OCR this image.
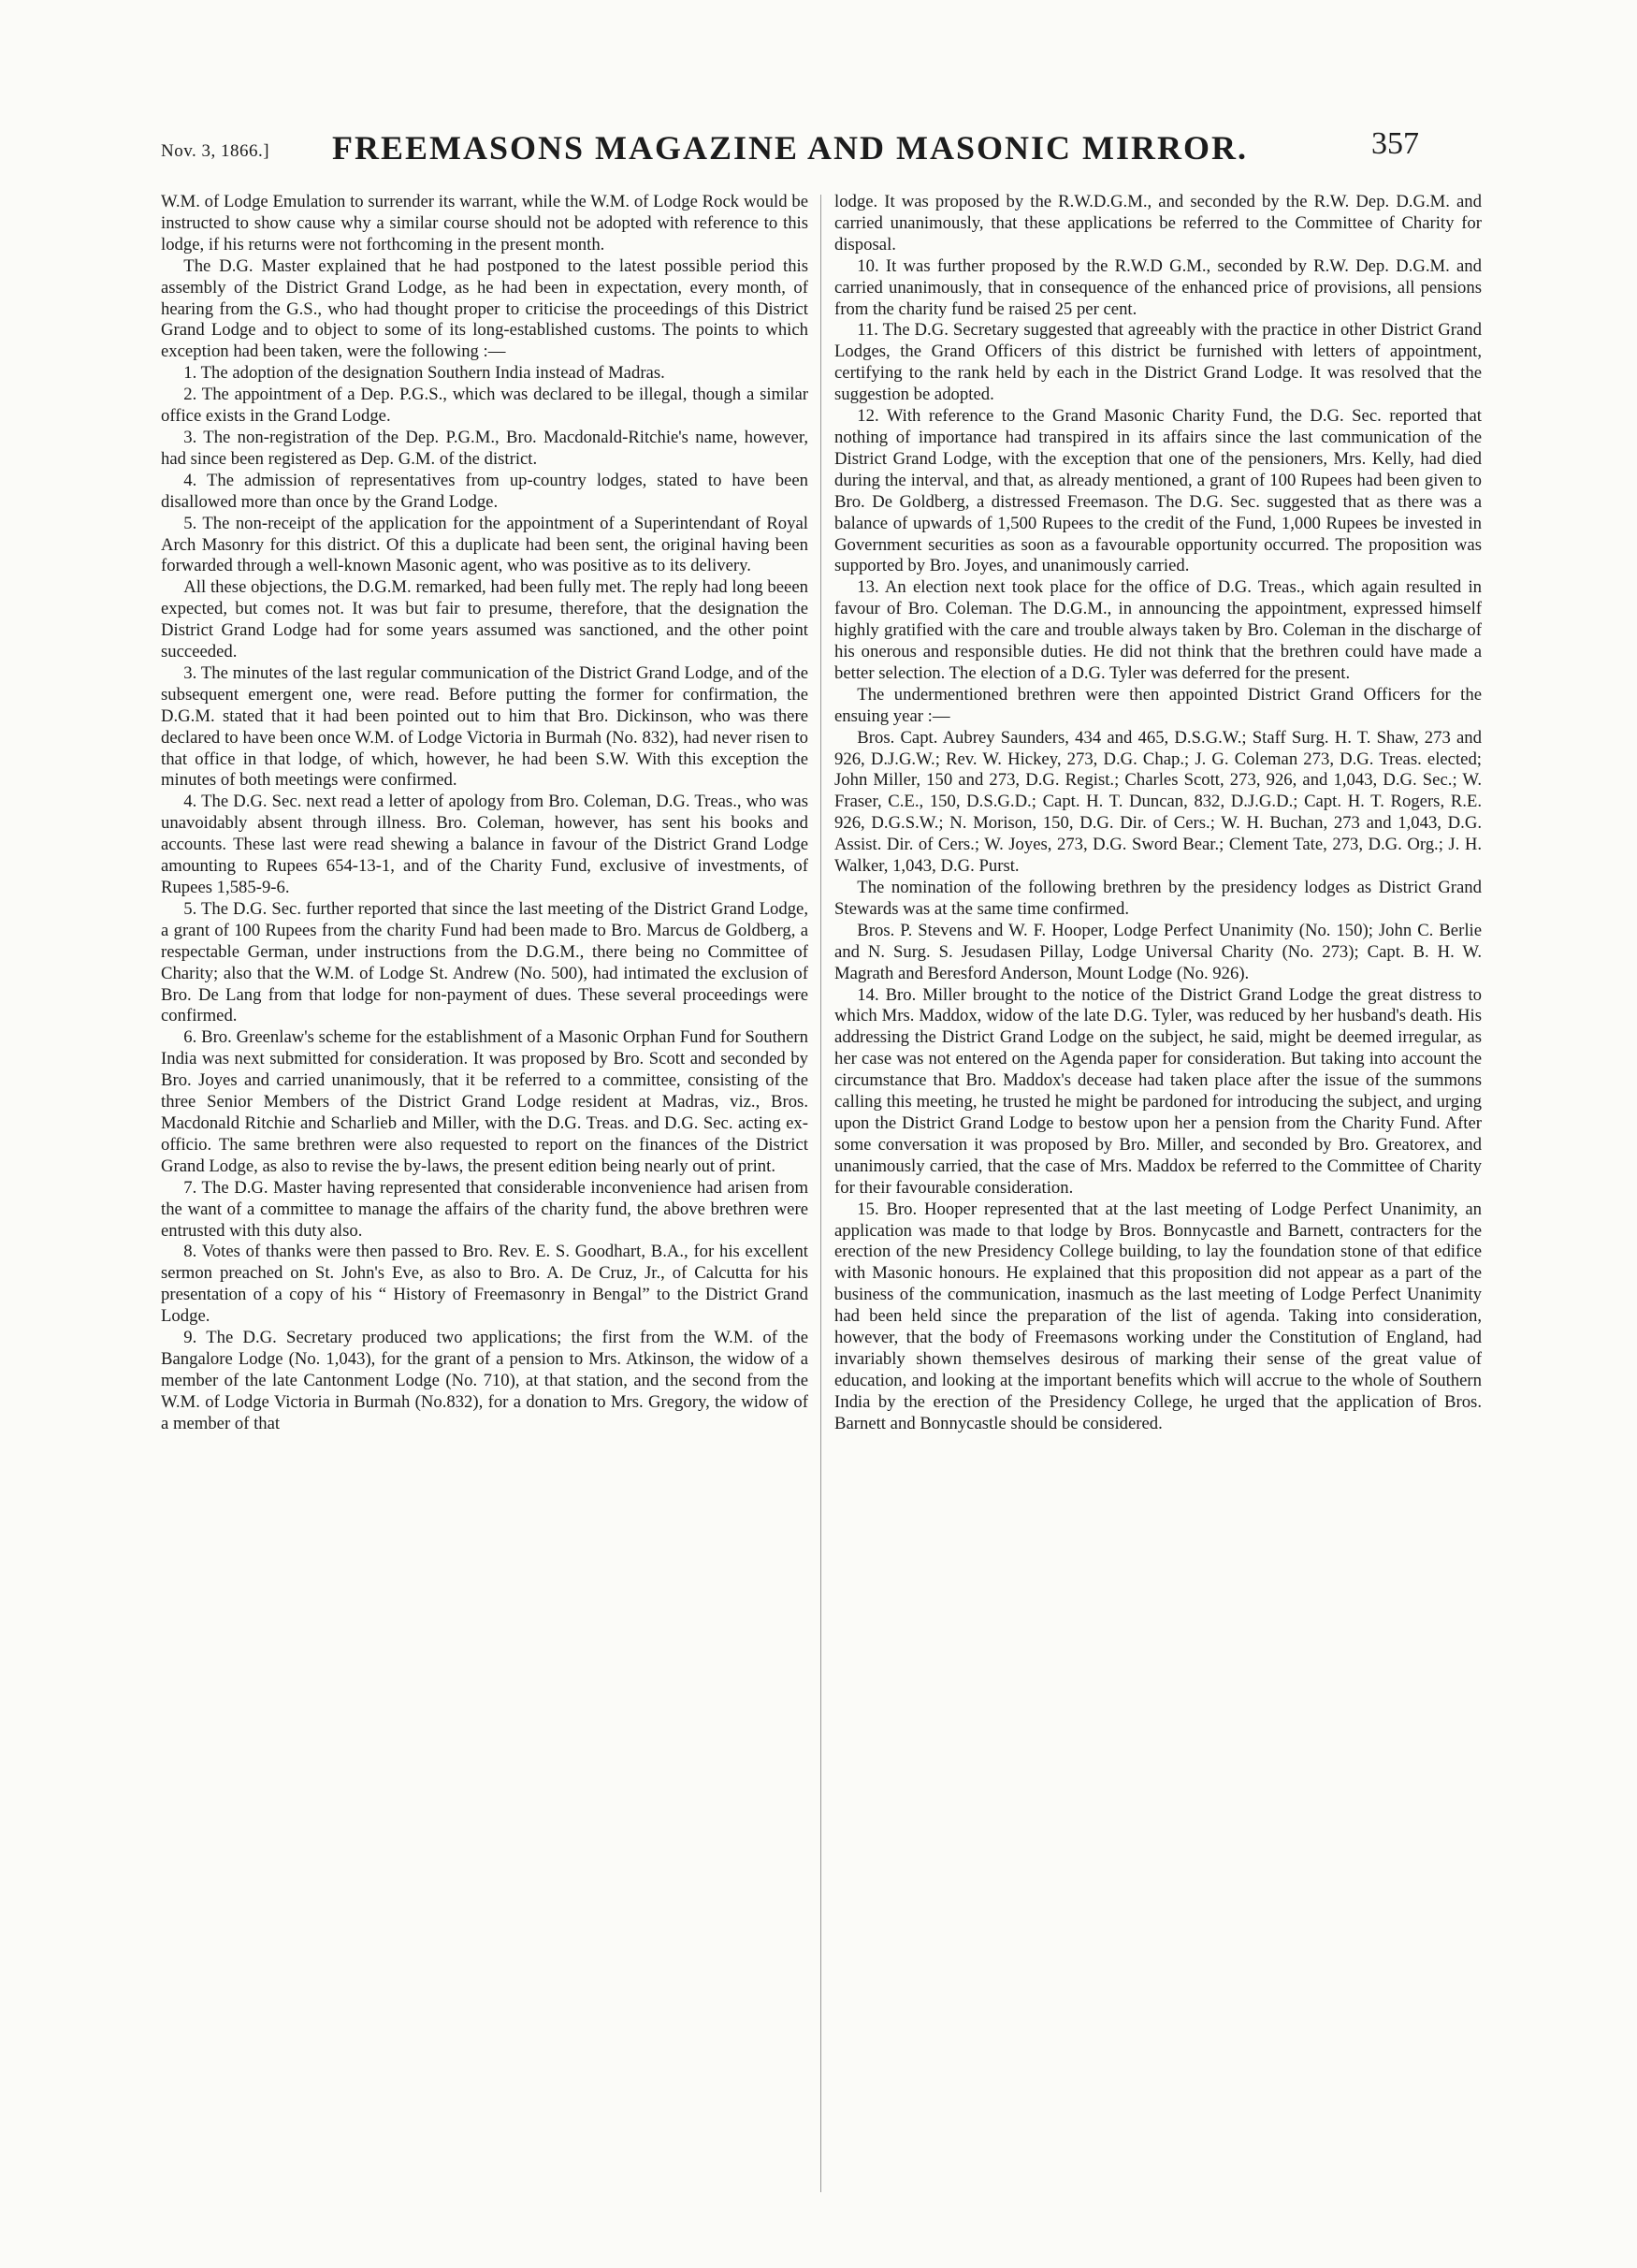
Nov. 3, 1866.]	FREEMASONS MAGAZINE AND MASONIC MIRROR.	357

W.M. of Lodge Emulation to surrender its warrant, while the W.M. of Lodge Rock would be instructed to show cause why a similar course should not be adopted with reference to this lodge, if his returns were not forthcoming in the present month.

The D.G. Master explained that he had postponed to the latest possible period this assembly of the District Grand Lodge, as he had been in expectation, every month, of hearing from the G.S., who had thought proper to criticise the proceedings of this District Grand Lodge and to object to some of its long-established customs. The points to which exception had been taken, were the following :—

1. The adoption of the designation Southern India instead of Madras.

2. The appointment of a Dep. P.G.S., which was declared to be illegal, though a similar office exists in the Grand Lodge.

3. The non-registration of the Dep. P.G.M., Bro. Macdonald-Ritchie's name, however, had since been registered as Dep. G.M. of the district.

4. The admission of representatives from up-country lodges, stated to have been disallowed more than once by the Grand Lodge.

5. The non-receipt of the application for the appointment of a Superintendant of Royal Arch Masonry for this district. Of this a duplicate had been sent, the original having been forwarded through a well-known Masonic agent, who was positive as to its delivery.

All these objections, the D.G.M. remarked, had been fully met. The reply had long beeen expected, but comes not. It was but fair to presume, therefore, that the designation the District Grand Lodge had for some years assumed was sanctioned, and the other point succeeded.

3. The minutes of the last regular communication of the District Grand Lodge, and of the subsequent emergent one, were read. Before putting the former for confirmation, the D.G.M. stated that it had been pointed out to him that Bro. Dickinson, who was there declared to have been once W.M. of Lodge Victoria in Burmah (No. 832), had never risen to that office in that lodge, of which, however, he had been S.W. With this exception the minutes of both meetings were confirmed.

4. The D.G. Sec. next read a letter of apology from Bro. Coleman, D.G. Treas., who was unavoidably absent through illness. Bro. Coleman, however, has sent his books and accounts. These last were read shewing a balance in favour of the District Grand Lodge amounting to Rupees 654-13-1, and of the Charity Fund, exclusive of investments, of Rupees 1,585-9-6.

5. The D.G. Sec. further reported that since the last meeting of the District Grand Lodge, a grant of 100 Rupees from the charity Fund had been made to Bro. Marcus de Goldberg, a respectable German, under instructions from the D.G.M., there being no Committee of Charity; also that the W.M. of Lodge St. Andrew (No. 500), had intimated the exclusion of Bro. De Lang from that lodge for non-payment of dues. These several proceedings were confirmed.

6. Bro. Greenlaw's scheme for the establishment of a Masonic Orphan Fund for Southern India was next submitted for consideration. It was proposed by Bro. Scott and seconded by Bro. Joyes and carried unanimously, that it be referred to a committee, consisting of the three Senior Members of the District Grand Lodge resident at Madras, viz., Bros. Macdonald Ritchie and Scharlieb and Miller, with the D.G. Treas. and D.G. Sec. acting ex-officio. The same brethren were also requested to report on the finances of the District Grand Lodge, as also to revise the by-laws, the present edition being nearly out of print.

7. The D.G. Master having represented that considerable inconvenience had arisen from the want of a committee to manage the affairs of the charity fund, the above brethren were entrusted with this duty also.

8. Votes of thanks were then passed to Bro. Rev. E. S. Goodhart, B.A., for his excellent sermon preached on St. John's Eve, as also to Bro. A. De Cruz, Jr., of Calcutta for his presentation of a copy of his “ History of Freemasonry in Bengal” to the District Grand Lodge.

9. The D.G. Secretary produced two applications; the first from the W.M. of the Bangalore Lodge (No. 1,043), for the grant of a pension to Mrs. Atkinson, the widow of a member of the late Cantonment Lodge (No. 710), at that station, and the second from the W.M. of Lodge Victoria in Burmah (No.832), for a donation to Mrs. Gregory, the widow of a member of that

lodge. It was proposed by the R.W.D.G.M., and seconded by the R.W. Dep. D.G.M. and carried unanimously, that these applications be referred to the Committee of Charity for disposal.

10. It was further proposed by the R.W.D G.M., seconded by R.W. Dep. D.G.M. and carried unanimously, that in consequence of the enhanced price of provisions, all pensions from the charity fund be raised 25 per cent.

11. The D.G. Secretary suggested that agreeably with the practice in other District Grand Lodges, the Grand Officers of this district be furnished with letters of appointment, certifying to the rank held by each in the District Grand Lodge. It was resolved that the suggestion be adopted.

12. With reference to the Grand Masonic Charity Fund, the D.G. Sec. reported that nothing of importance had transpired in its affairs since the last communication of the District Grand Lodge, with the exception that one of the pensioners, Mrs. Kelly, had died during the interval, and that, as already mentioned, a grant of 100 Rupees had been given to Bro. De Goldberg, a distressed Freemason. The D.G. Sec. suggested that as there was a balance of upwards of 1,500 Rupees to the credit of the Fund, 1,000 Rupees be invested in Government securities as soon as a favourable opportunity occurred. The proposition was supported by Bro. Joyes, and unanimously carried.

13. An election next took place for the office of D.G. Treas., which again resulted in favour of Bro. Coleman. The D.G.M., in announcing the appointment, expressed himself highly gratified with the care and trouble always taken by Bro. Coleman in the discharge of his onerous and responsible duties. He did not think that the brethren could have made a better selection. The election of a D.G. Tyler was deferred for the present.

The undermentioned brethren were then appointed District Grand Officers for the ensuing year :—

Bros. Capt. Aubrey Saunders, 434 and 465, D.S.G.W.; Staff Surg. H. T. Shaw, 273 and 926, D.J.G.W.; Rev. W. Hickey, 273, D.G. Chap.; J. G. Coleman 273, D.G. Treas. elected; John Miller, 150 and 273, D.G. Regist.; Charles Scott, 273, 926, and 1,043, D.G. Sec.; W. Fraser, C.E., 150, D.S.G.D.; Capt. H. T. Duncan, 832, D.J.G.D.; Capt. H. T. Rogers, R.E. 926, D.G.S.W.; N. Morison, 150, D.G. Dir. of Cers.; W. H. Buchan, 273 and 1,043, D.G. Assist. Dir. of Cers.; W. Joyes, 273, D.G. Sword Bear.; Clement Tate, 273, D.G. Org.; J. H. Walker, 1,043, D.G. Purst.

The nomination of the following brethren by the presidency lodges as District Grand Stewards was at the same time confirmed.

Bros. P. Stevens and W. F. Hooper, Lodge Perfect Unanimity (No. 150); John C. Berlie and N. Surg. S. Jesudasen Pillay, Lodge Universal Charity (No. 273); Capt. B. H. W. Magrath and Beresford Anderson, Mount Lodge (No. 926).

14. Bro. Miller brought to the notice of the District Grand Lodge the great distress to which Mrs. Maddox, widow of the late D.G. Tyler, was reduced by her husband's death. His addressing the District Grand Lodge on the subject, he said, might be deemed irregular, as her case was not entered on the Agenda paper for consideration. But taking into account the circumstance that Bro. Maddox's decease had taken place after the issue of the summons calling this meeting, he trusted he might be pardoned for introducing the subject, and urging upon the District Grand Lodge to bestow upon her a pension from the Charity Fund. After some conversation it was proposed by Bro. Miller, and seconded by Bro. Greatorex, and unanimously carried, that the case of Mrs. Maddox be referred to the Committee of Charity for their favourable consideration.

15. Bro. Hooper represented that at the last meeting of Lodge Perfect Unanimity, an application was made to that lodge by Bros. Bonnycastle and Barnett, contracters for the erection of the new Presidency College building, to lay the foundation stone of that edifice with Masonic honours. He explained that this proposition did not appear as a part of the business of the communication, inasmuch as the last meeting of Lodge Perfect Unanimity had been held since the preparation of the list of agenda. Taking into consideration, however, that the body of Freemasons working under the Constitution of England, had invariably shown themselves desirous of marking their sense of the great value of education, and looking at the important benefits which will accrue to the whole of Southern India by the erection of the Presidency College, he urged that the application of Bros. Barnett and Bonnycastle should be considered.
